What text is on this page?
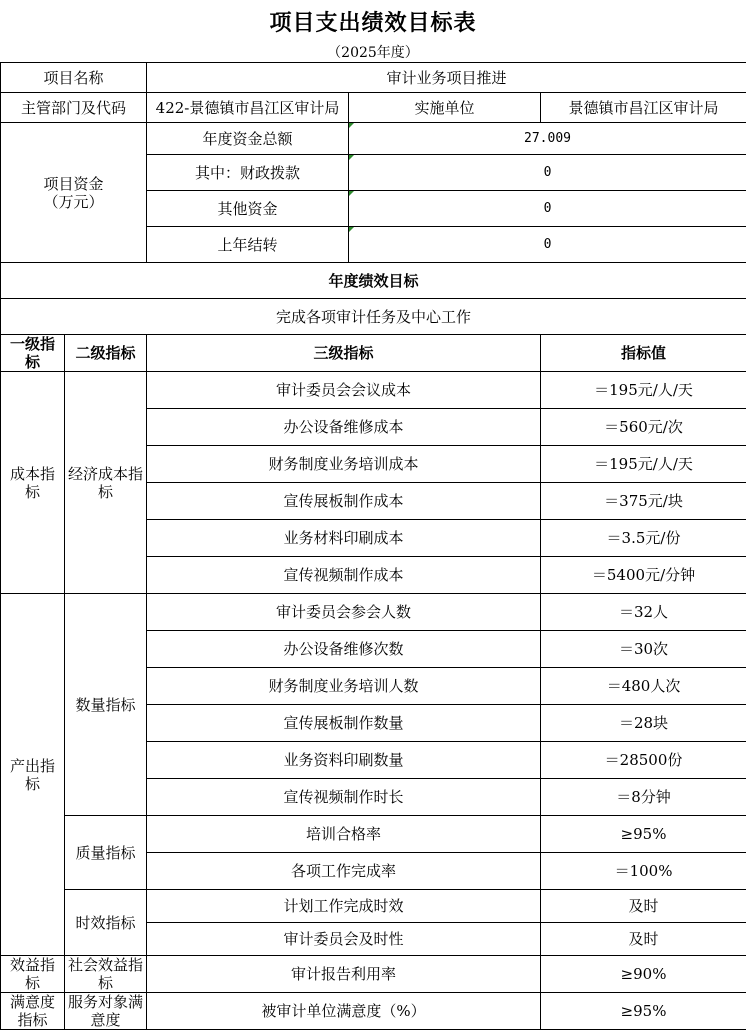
项目支出绩效目标表
（2025年度）
项目名称		审计业务项目推进		
主管部门及代码		422-景德镇市昌江区审计局	实施单位	景德镇市昌江区审计局
项目资金
（万元）		年度资金总额	27.009	
		其中：财政拨款	0	
		其他资金	0	
		上年结转	0	
年度绩效目标				
完成各项审计任务及中心工作				
一级指标	二级指标	三级指标		指标值
成本指标	经济成本指标	审计委员会会议成本		＝195元/人/天
		办公设备维修成本		＝560元/次
		财务制度业务培训成本		＝195元/人/天
		宣传展板制作成本		＝375元/块
		业务材料印刷成本		＝3.5元/份
		宣传视频制作成本		＝5400元/分钟
产出指标	数量指标	审计委员会参会人数		＝32人
		办公设备维修次数		＝30次
		财务制度业务培训人数		＝480人次
		宣传展板制作数量		＝28块
		业务资料印刷数量		＝28500份
		宣传视频制作时长		＝8分钟
	质量指标	培训合格率		≥95%
		各项工作完成率		＝100%
	时效指标	计划工作完成时效		及时
		审计委员会及时性		及时
效益指标	社会效益指标	审计报告利用率		≥90%
满意度指标	服务对象满意度	被审计单位满意度（%）		≥95%
